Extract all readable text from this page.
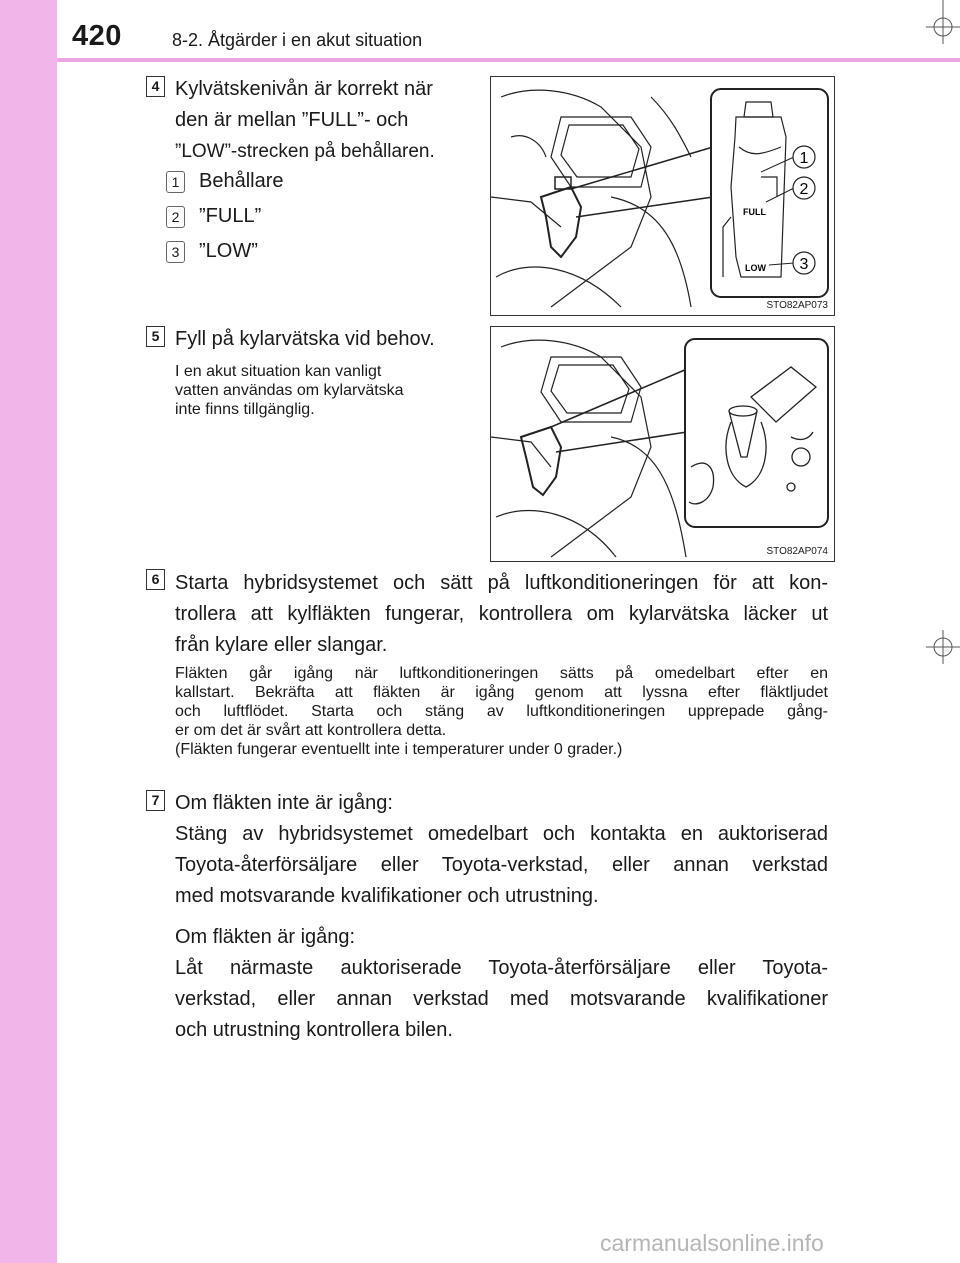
420	8-2. Åtgärder i en akut situation
4 Kylvätskenivån är korrekt när
den är mellan ”FULL”- och
”LOW”-strecken på behållaren.
1 Behållare
2 ”FULL”
3 ”LOW”
FULL
LOW
1
2
3
STO82AP073
5 Fyll på kylarvätska vid behov.
I en akut situation kan vanligt
vatten användas om kylarvätska
inte finns tillgänglig.
STO82AP074
6 Starta hybridsystemet och sätt på luftkonditioneringen för att kon-
trollera att kylfläkten fungerar, kontrollera om kylarvätska läcker ut
från kylare eller slangar.
Fläkten går igång när luftkonditioneringen sätts på omedelbart efter en
kallstart. Bekräfta att fläkten är igång genom att lyssna efter fläktljudet
och luftflödet. Starta och stäng av luftkonditioneringen upprepade gång-
er om det är svårt att kontrollera detta.
(Fläkten fungerar eventuellt inte i temperaturer under 0 grader.)
7 Om fläkten inte är igång:
Stäng av hybridsystemet omedelbart och kontakta en auktoriserad
Toyota-återförsäljare eller Toyota-verkstad, eller annan verkstad
med motsvarande kvalifikationer och utrustning.
Om fläkten är igång:
Låt närmaste auktoriserade Toyota-återförsäljare eller Toyota-
verkstad, eller annan verkstad med motsvarande kvalifikationer
och utrustning kontrollera bilen.
carmanualsonline.info
